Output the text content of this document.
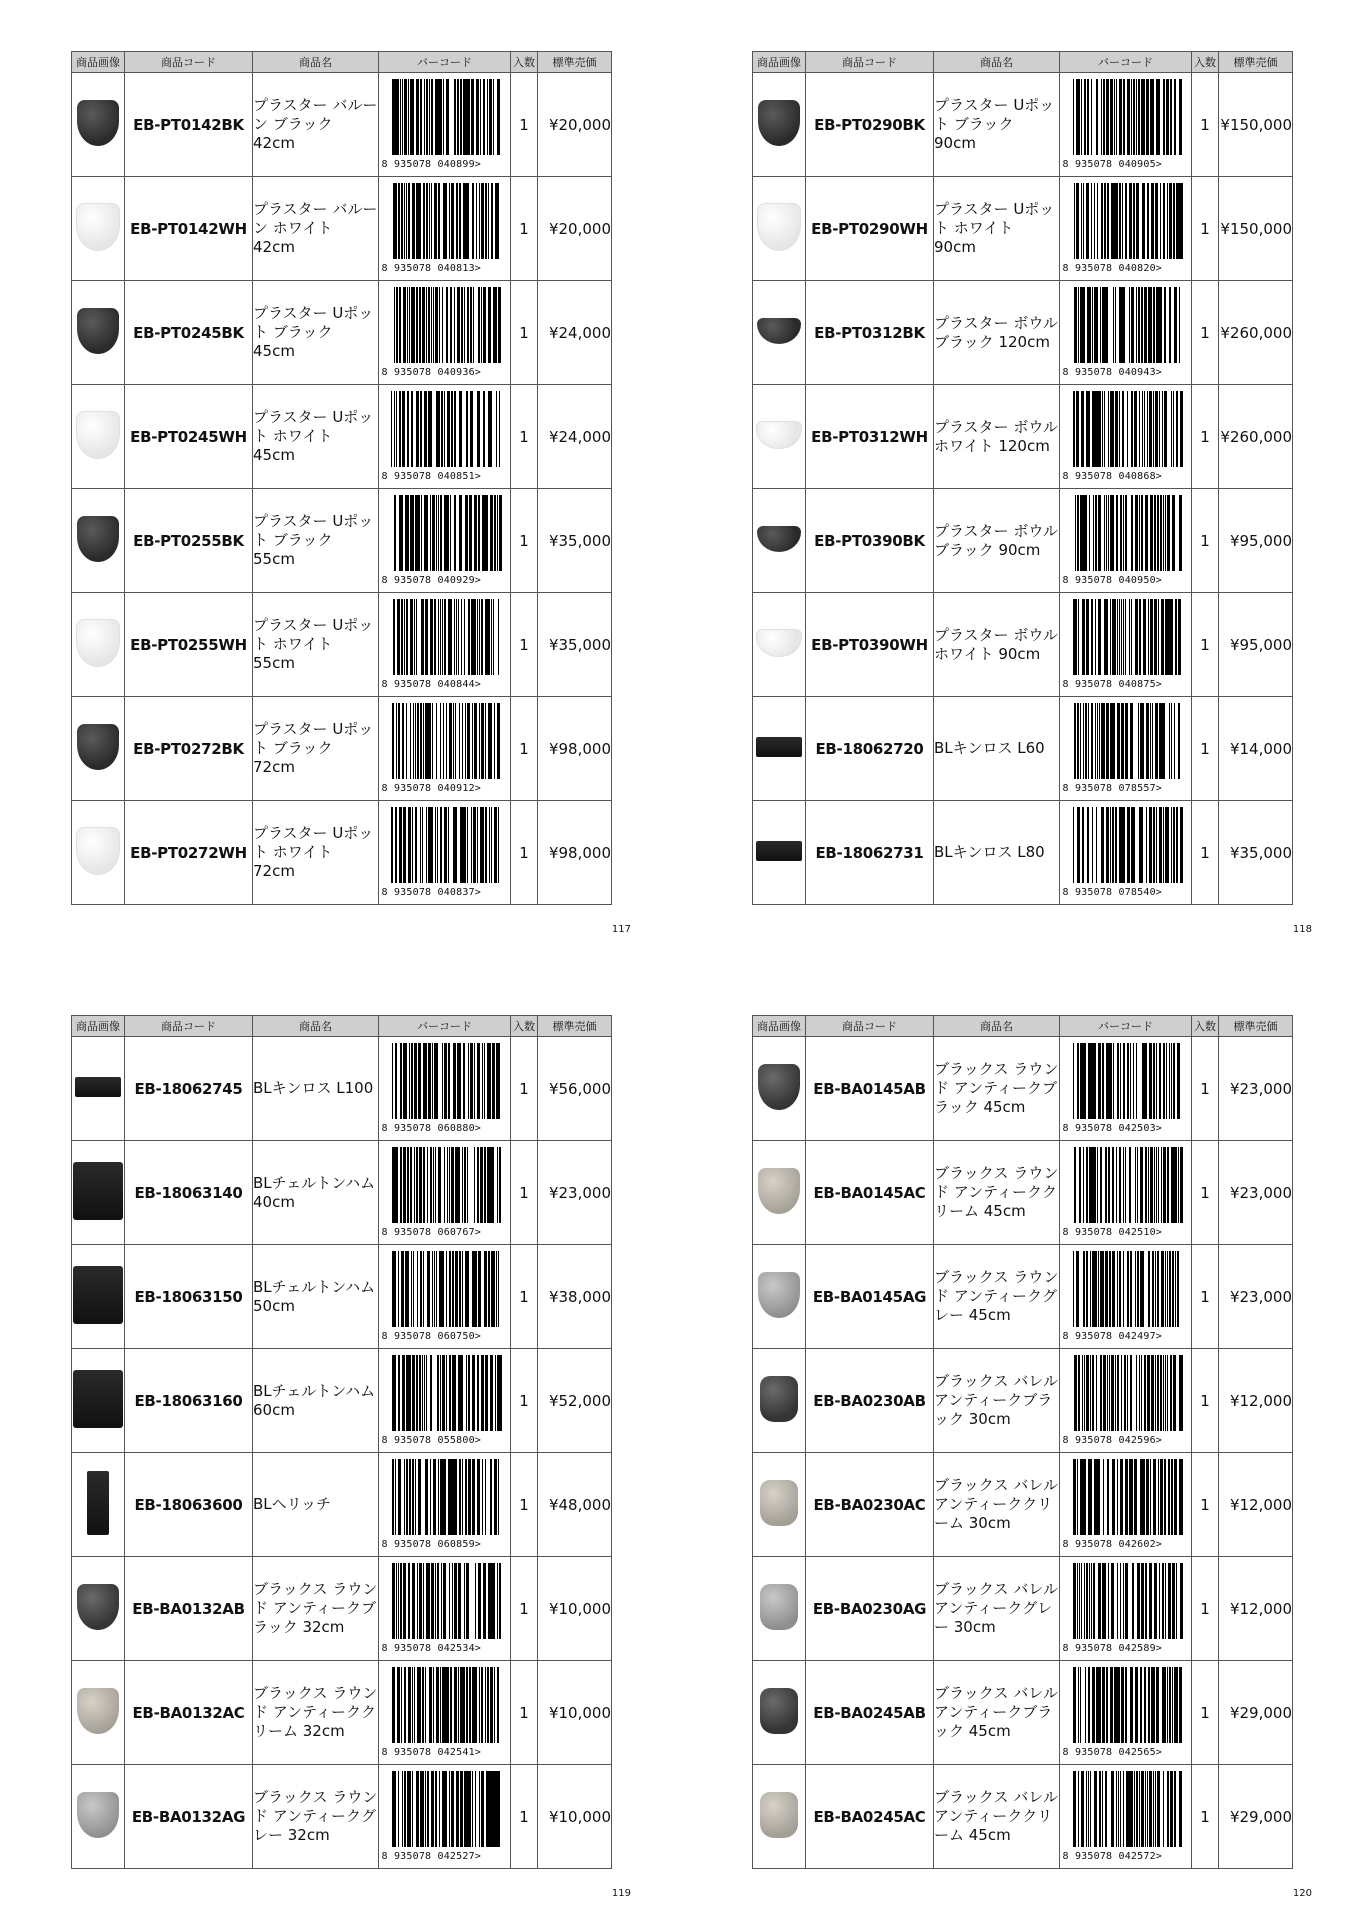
商品画像	商品コード	商品名	バーコード	入数	標準売価
	EB-PT0142BK	プラスター バルーン ブラック 42cm	8 935078 040899>	1	¥20,000
	EB-PT0142WH	プラスター バルーン ホワイト 42cm	8 935078 040813>	1	¥20,000
	EB-PT0245BK	プラスター Uポット ブラック 45cm	8 935078 040936>	1	¥24,000
	EB-PT0245WH	プラスター Uポット ホワイト 45cm	8 935078 040851>	1	¥24,000
	EB-PT0255BK	プラスター Uポット ブラック 55cm	8 935078 040929>	1	¥35,000
	EB-PT0255WH	プラスター Uポット ホワイト 55cm	8 935078 040844>	1	¥35,000
	EB-PT0272BK	プラスター Uポット ブラック 72cm	8 935078 040912>	1	¥98,000
	EB-PT0272WH	プラスター Uポット ホワイト 72cm	8 935078 040837>	1	¥98,000
117
商品画像	商品コード	商品名	バーコード	入数	標準売価
	EB-PT0290BK	プラスター Uポット ブラック 90cm	8 935078 040905>	1	¥150,000
	EB-PT0290WH	プラスター Uポット ホワイト 90cm	8 935078 040820>	1	¥150,000
	EB-PT0312BK	プラスター ボウル ブラック 120cm	8 935078 040943>	1	¥260,000
	EB-PT0312WH	プラスター ボウル ホワイト 120cm	8 935078 040868>	1	¥260,000
	EB-PT0390BK	プラスター ボウル ブラック 90cm	8 935078 040950>	1	¥95,000
	EB-PT0390WH	プラスター ボウル ホワイト 90cm	8 935078 040875>	1	¥95,000
	EB-18062720	BLキンロス L60	8 935078 078557>	1	¥14,000
	EB-18062731	BLキンロス L80	8 935078 078540>	1	¥35,000
118
商品画像	商品コード	商品名	バーコード	入数	標準売価
	EB-18062745	BLキンロス L100	8 935078 060880>	1	¥56,000
	EB-18063140	BLチェルトンハム 40cm	8 935078 060767>	1	¥23,000
	EB-18063150	BLチェルトンハム 50cm	8 935078 060750>	1	¥38,000
	EB-18063160	BLチェルトンハム 60cm	8 935078 055800>	1	¥52,000
	EB-18063600	BLヘリッチ	8 935078 060859>	1	¥48,000
	EB-BA0132AB	ブラックス ラウンド アンティークブラック 32cm	8 935078 042534>	1	¥10,000
	EB-BA0132AC	ブラックス ラウンド アンティーククリーム 32cm	8 935078 042541>	1	¥10,000
	EB-BA0132AG	ブラックス ラウンド アンティークグレー 32cm	8 935078 042527>	1	¥10,000
119
商品画像	商品コード	商品名	バーコード	入数	標準売価
	EB-BA0145AB	ブラックス ラウンド アンティークブラック 45cm	8 935078 042503>	1	¥23,000
	EB-BA0145AC	ブラックス ラウンド アンティーククリーム 45cm	8 935078 042510>	1	¥23,000
	EB-BA0145AG	ブラックス ラウンド アンティークグレー 45cm	8 935078 042497>	1	¥23,000
	EB-BA0230AB	ブラックス バレル アンティークブラック 30cm	8 935078 042596>	1	¥12,000
	EB-BA0230AC	ブラックス バレル アンティーククリーム 30cm	8 935078 042602>	1	¥12,000
	EB-BA0230AG	ブラックス バレル アンティークグレー 30cm	8 935078 042589>	1	¥12,000
	EB-BA0245AB	ブラックス バレル アンティークブラック 45cm	8 935078 042565>	1	¥29,000
	EB-BA0245AC	ブラックス バレル アンティーククリーム 45cm	8 935078 042572>	1	¥29,000
120
